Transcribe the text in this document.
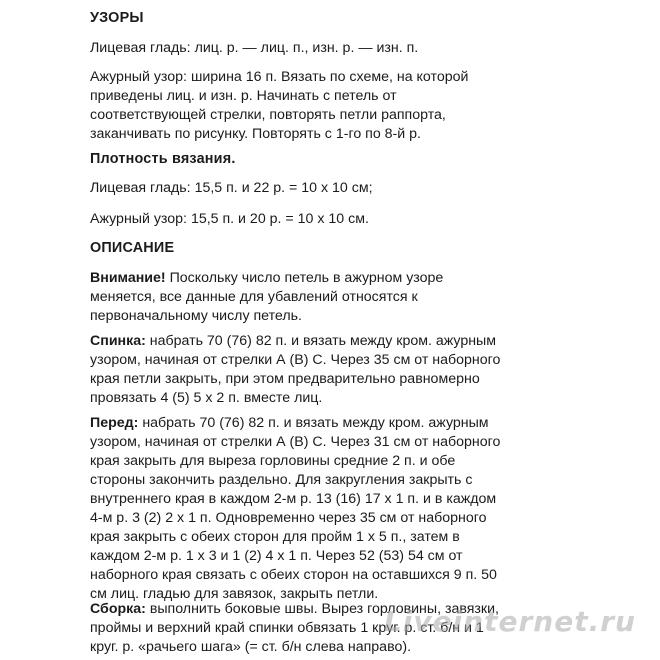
УЗОРЫ

Лицевая гладь: лиц. р. — лиц. п., изн. р. — изн. п.

Ажурный узор: ширина 16 п. Вязать по схеме, на которой
приведены лиц. и изн. р. Начинать с петель от
соответствующей стрелки, повторять петли раппорта,
заканчивать по рисунку. Повторять с 1-го по 8-й р.

Плотность вязания.

Лицевая гладь: 15,5 п. и 22 р. = 10 х 10 см;

Ажурный узор: 15,5 п. и 20 р. = 10 х 10 см.

ОПИСАНИЕ

Внимание! Поскольку число петель в ажурном узоре
меняется, все данные для убавлений относятся к
первоначальному числу петель.

Спинка: набрать 70 (76) 82 п. и вязать между кром. ажурным
узором, начиная от стрелки А (В) С. Через 35 см от наборного
края петли закрыть, при этом предварительно равномерно
провязать 4 (5) 5 х 2 п. вместе лиц.

Перед: набрать 70 (76) 82 п. и вязать между кром. ажурным
узором, начиная от стрелки А (В) С. Через 31 см от наборного
края закрыть для выреза горловины средние 2 п. и обе
стороны закончить раздельно. Для закругления закрыть с
внутреннего края в каждом 2-м р. 13 (16) 17 х 1 п. и в каждом
4-м р. 3 (2) 2 х 1 п. Одновременно через 35 см от наборного
края закрыть с обеих сторон для пройм 1 х 5 п., затем в
каждом 2-м р. 1 х 3 и 1 (2) 4 х 1 п. Через 52 (53) 54 см от
наборного края связать с обеих сторон на оставшихся 9 п. 50
см лиц. гладью для завязок, закрыть петли.

Сборка: выполнить боковые швы. Вырез горловины, завязки,
проймы и верхний край спинки обвязать 1 круг. р. ст. б/н и 1
круг. р. «рачьего шага» (= ст. б/н слева направо).

Liveinternet.ru
